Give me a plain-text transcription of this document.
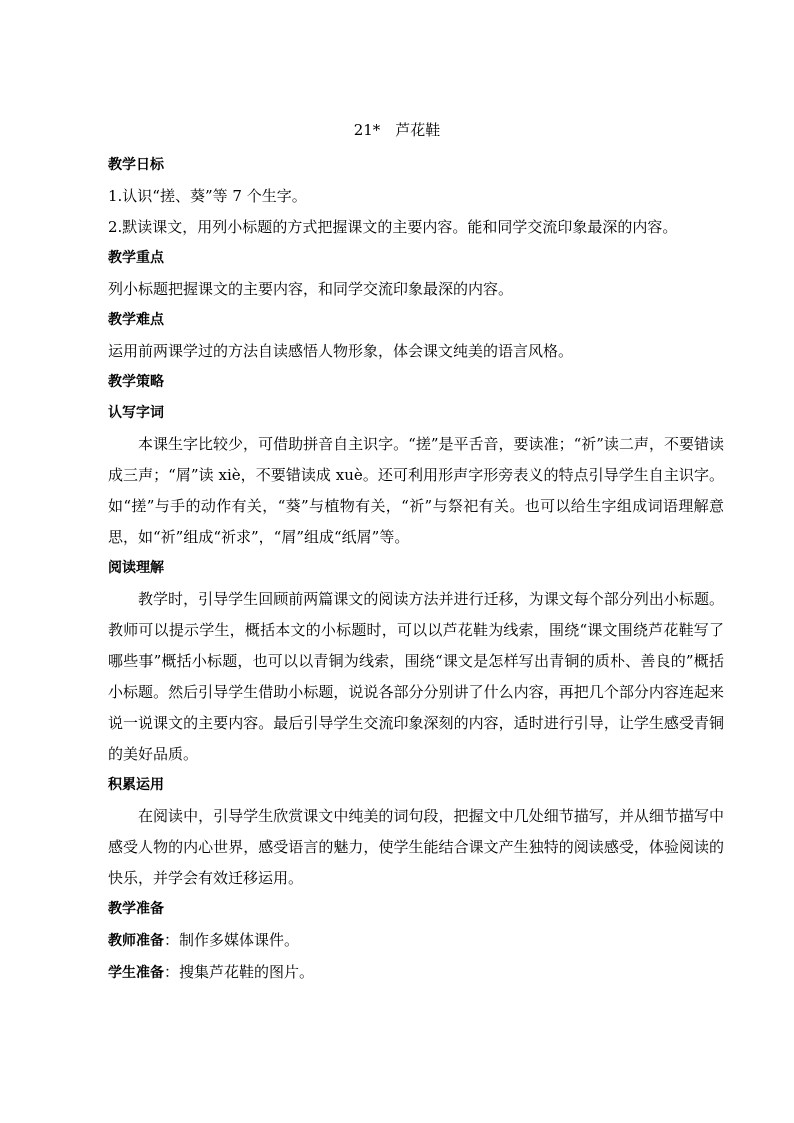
21*　芦花鞋

教学日标

1.认识“搓、葵”等 7 个生字。

2.默读课文，用列小标题的方式把握课文的主要内容。能和同学交流印象最深的内容。

教学重点

列小标题把握课文的主要内容，和同学交流印象最深的内容。

教学难点

运用前两课学过的方法自读感悟人物形象，体会课文纯美的语言风格。

教学策略

认写字词

本课生字比较少，可借助拼音自主识字。“搓”是平舌音，要读准；“祈”读二声，不要错读成三声；“屑”读 xiè，不要错读成 xuè。还可利用形声字形旁表义的特点引导学生自主识字。如“搓”与手的动作有关，“葵”与植物有关，“祈”与祭祀有关。也可以给生字组成词语理解意思，如“祈”组成“祈求”，“屑”组成“纸屑”等。

阅读理解

教学时，引导学生回顾前两篇课文的阅读方法并进行迁移，为课文每个部分列出小标题。教师可以提示学生，概括本文的小标题时，可以以芦花鞋为线索，围绕“课文围绕芦花鞋写了哪些事”概括小标题，也可以以青铜为线索，围绕“课文是怎样写出青铜的质朴、善良的”概括小标题。然后引导学生借助小标题，说说各部分分别讲了什么内容，再把几个部分内容连起来说一说课文的主要内容。最后引导学生交流印象深刻的内容，适时进行引导，让学生感受青铜的美好品质。

积累运用

在阅读中，引导学生欣赏课文中纯美的词句段，把握文中几处细节描写，并从细节描写中感受人物的内心世界，感受语言的魅力，使学生能结合课文产生独特的阅读感受，体验阅读的快乐，并学会有效迁移运用。

教学准备

教师准备：制作多媒体课件。

学生准备：搜集芦花鞋的图片。
